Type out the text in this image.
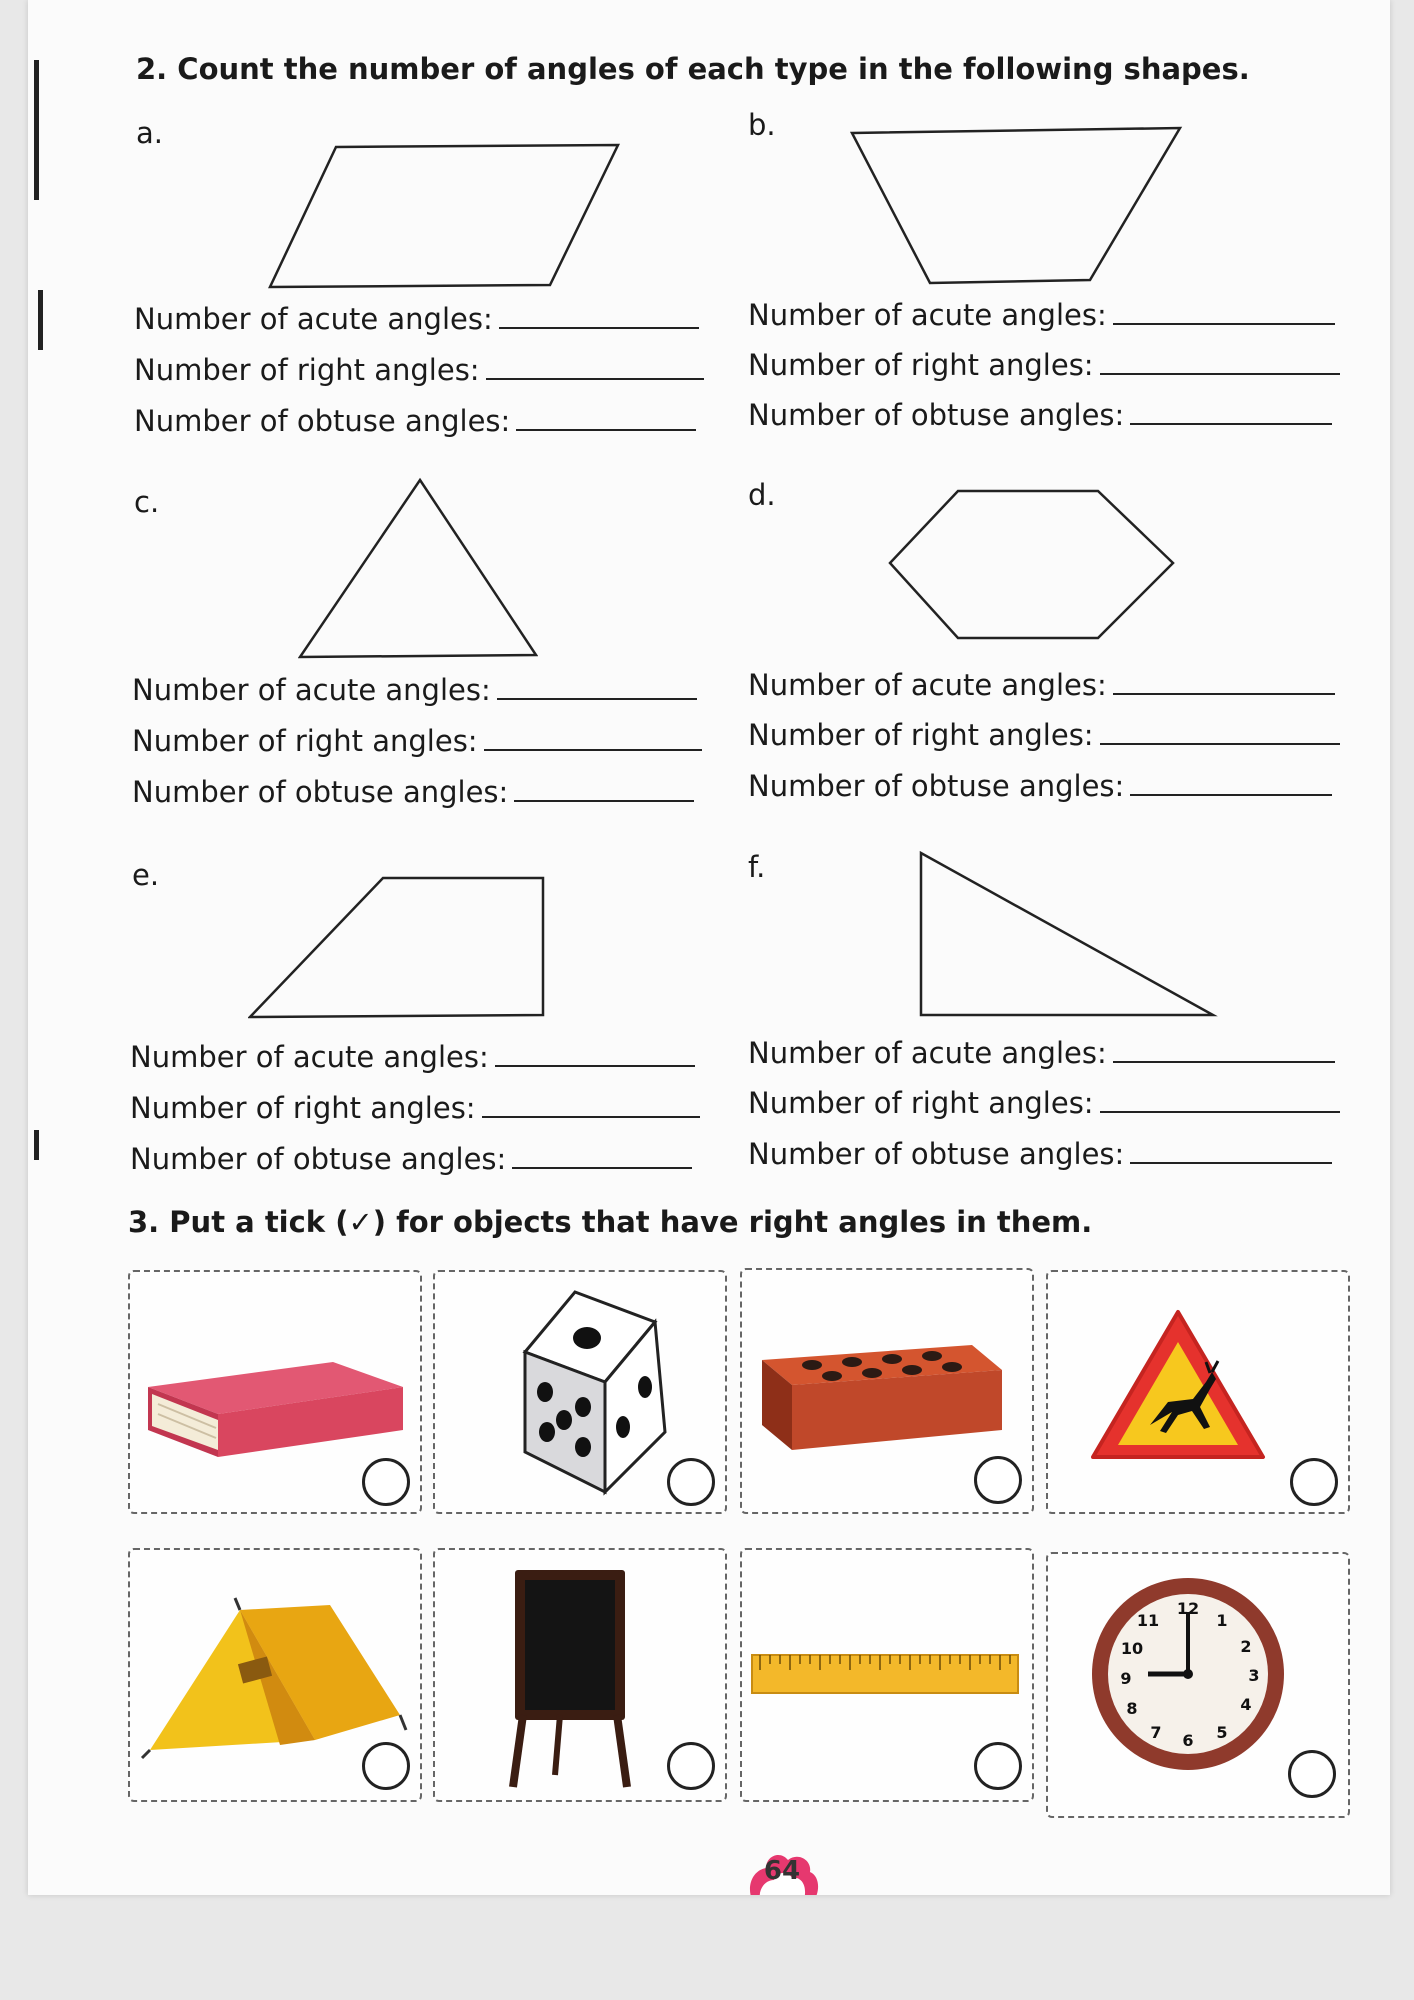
2. Count the number of angles of each type in the following shapes.
a.	b.
Number of acute angles:
Number of right angles:
Number of obtuse angles:
Number of acute angles:
Number of right angles:
Number of obtuse angles:
c.	d.
Number of acute angles:
Number of right angles:
Number of obtuse angles:
Number of acute angles:
Number of right angles:
Number of obtuse angles:
e.	f.
Number of acute angles:
Number of right angles:
Number of obtuse angles:
Number of acute angles:
Number of right angles:
Number of obtuse angles:
3. Put a tick (✓) for objects that have right angles in them.
11
12
1
2
3
4
5
6
7
8
9
10
64
